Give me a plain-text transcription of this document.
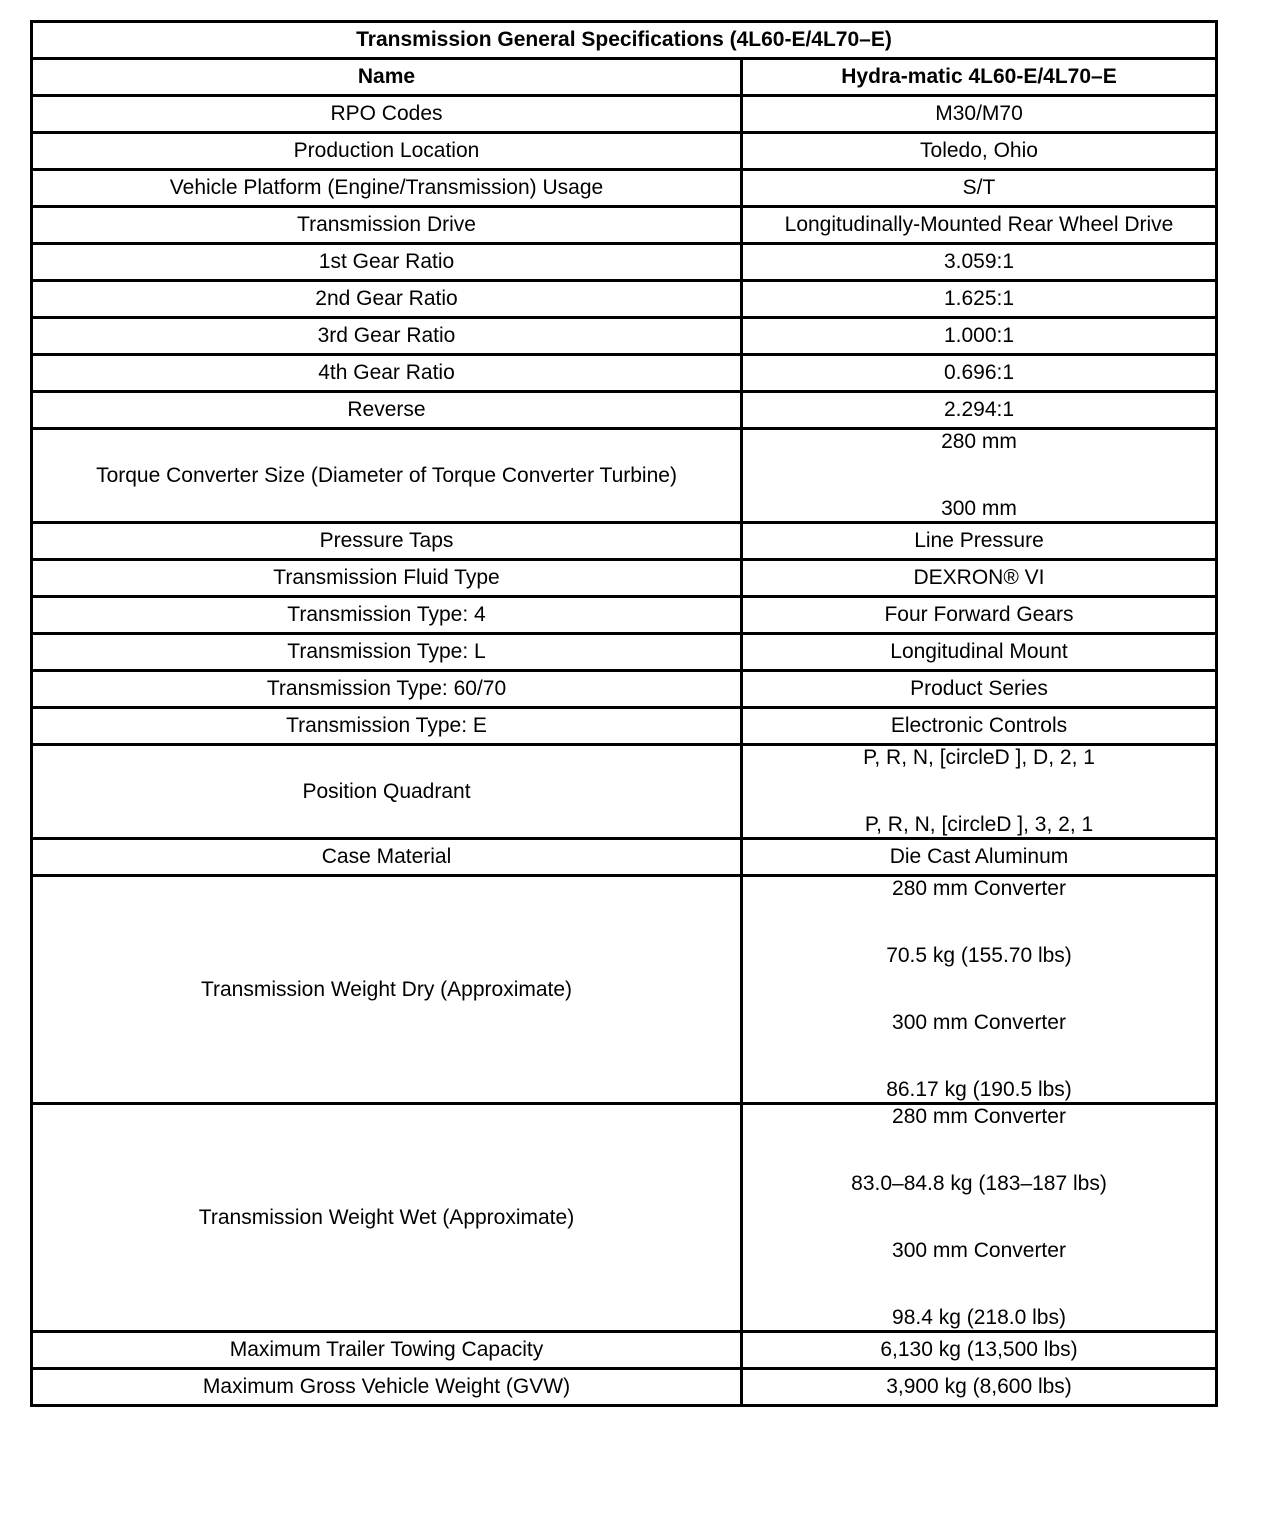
Transmission General Specifications (4L60-E/4L70–E)	
Name	Hydra-matic 4L60-E/4L70–E
RPO Codes	M30/M70
Production Location	Toledo, Ohio
Vehicle Platform (Engine/Transmission) Usage	S/T
Transmission Drive	Longitudinally-Mounted Rear Wheel Drive
1st Gear Ratio	3.059:1
2nd Gear Ratio	1.625:1
3rd Gear Ratio	1.000:1
4th Gear Ratio	0.696:1
Reverse	2.294:1
Torque Converter Size (Diameter of Torque Converter Turbine)	280 mm
300 mm

Pressure Taps	Line Pressure
Transmission Fluid Type	DEXRON® VI
Transmission Type: 4	Four Forward Gears
Transmission Type: L	Longitudinal Mount
Transmission Type: 60/70	Product Series
Transmission Type: E	Electronic Controls
Position Quadrant	P, R, N, [circleD ], D, 2, 1
P, R, N, [circleD ], 3, 2, 1

Case Material	Die Cast Aluminum
Transmission Weight Dry (Approximate)	280 mm Converter
70.5 kg (155.70 lbs)
300 mm Converter
86.17 kg (190.5 lbs)

Transmission Weight Wet (Approximate)	280 mm Converter
83.0–84.8 kg (183–187 lbs)
300 mm Converter
98.4 kg (218.0 lbs)

Maximum Trailer Towing Capacity	6,130 kg (13,500 lbs)
Maximum Gross Vehicle Weight (GVW)	3,900 kg (8,600 lbs)
